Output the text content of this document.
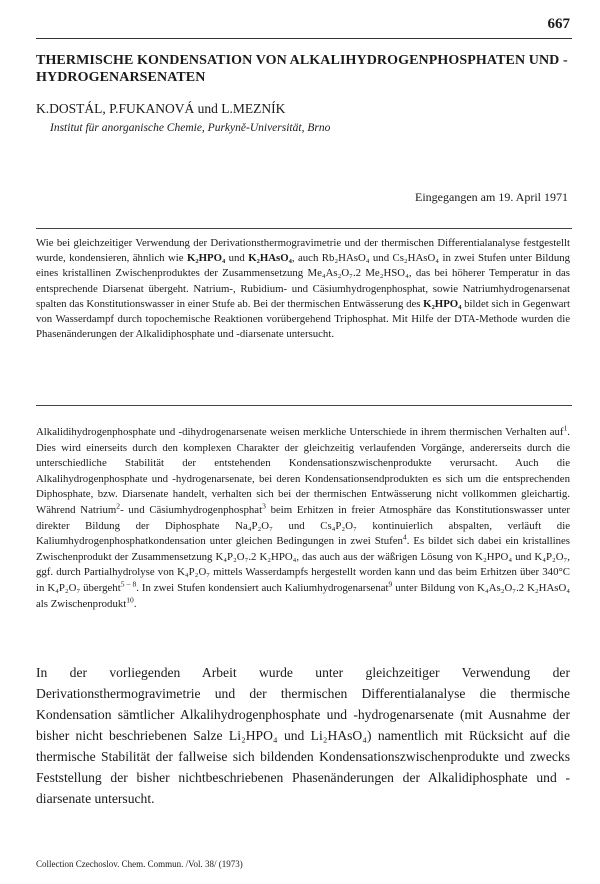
667
THERMISCHE KONDENSATION VON ALKALIHYDROGENPHOSPHATEN UND -HYDROGENARSENATEN
K.DOSTÁL, P.FUKANOVÁ und L.MEZNÍK
Institut für anorganische Chemie, Purkyně-Universität, Brno
Eingegangen am 19. April 1971
Wie bei gleichzeitiger Verwendung der Derivationsthermogravimetrie und der thermischen Differentialanalyse festgestellt wurde, kondensieren, ähnlich wie K₂HPO₄ und K₂HAsO₄, auch Rb₂HAsO₄ und Cs₂HAsO₄ in zwei Stufen unter Bildung eines kristallinen Zwischenproduktes der Zusammensetzung Me₄As₂O₇.2 Me₂HSO₄, das bei höherer Temperatur in das entsprechende Diarsenat übergeht. Natrium-, Rubidium- und Cäsiumhydrogenphosphat, sowie Natriumhydrogenarsenat spalten das Konstitutionswasser in einer Stufe ab. Bei der thermischen Entwässerung des K₂HPO₄ bildet sich in Gegenwart von Wasserdampf durch topochemische Reaktionen vorübergehend Triphosphat. Mit Hilfe der DTA-Methode wurden die Phasenänderungen der Alkalidiphosphate und -diarsenate untersucht.
Alkalidihydrogenphosphate und -dihydrogenarsenate weisen merkliche Unterschiede in ihrem thermischen Verhalten auf$^1$. Dies wird einerseits durch den komplexen Charakter der gleichzeitig verlaufenden Vorgänge, andererseits durch die unterschiedliche Stabilität der entstehenden Kondensationszwischenprodukte verursacht. Auch die Alkalihydrogenphosphate und -hydrogenarsenate, bei deren Kondensationsendprodukten es sich um die entsprechenden Diphosphate, bzw. Diarsenate handelt, verhalten sich bei der thermischen Entwässerung nicht vollkommen gleichartig. Während Natrium$^2$- und Cäsiumhydrogenphosphat$^3$ beim Erhitzen in freier Atmosphäre das Konstitutionswasser unter direkter Bildung der Diphosphate Na₄P₂O₇ und Cs₄P₂O₇ kontinuierlich abspalten, verläuft die Kaliumhydrogenphosphatkondensation unter gleichen Bedingungen in zwei Stufen$^4$. Es bildet sich dabei ein kristallines Zwischenprodukt der Zusammensetzung K₄P₂O₇.2 K₂HPO₄, das auch aus der wäßrigen Lösung von K₂HPO₄ und K₄P₂O₇, ggf. durch Partialhydrolyse von K₄P₂O₇ mittels Wasserdampfs hergestellt worden kann und das beim Erhitzen über 340°C in K₄P₂O₇ übergeht$^{5 - 8}$. In zwei Stufen kondensiert auch Kaliumhydrogenarsenat$^9$ unter Bildung von K₄As₂O₇.2 K₂HAsO₄ als Zwischenprodukt$^{10}$.
In der vorliegenden Arbeit wurde unter gleichzeitiger Verwendung der Derivationsthermogravimetrie und der thermischen Differentialanalyse die thermische Kondensation sämtlicher Alkalihydrogenphosphate und -hydrogenarsenate (mit Ausnahme der bisher nicht beschriebenen Salze Li₂HPO₄ und Li₂HAsO₄) namentlich mit Rücksicht auf die thermische Stabilität der fallweise sich bildenden Kondensationszwischenprodukte und zwecks Feststellung der bisher nichtbeschriebenen Phasenänderungen der Alkalidiphosphate und -diarsenate untersucht.
Collection Czechoslov. Chem. Commun. /Vol. 38/ (1973)
